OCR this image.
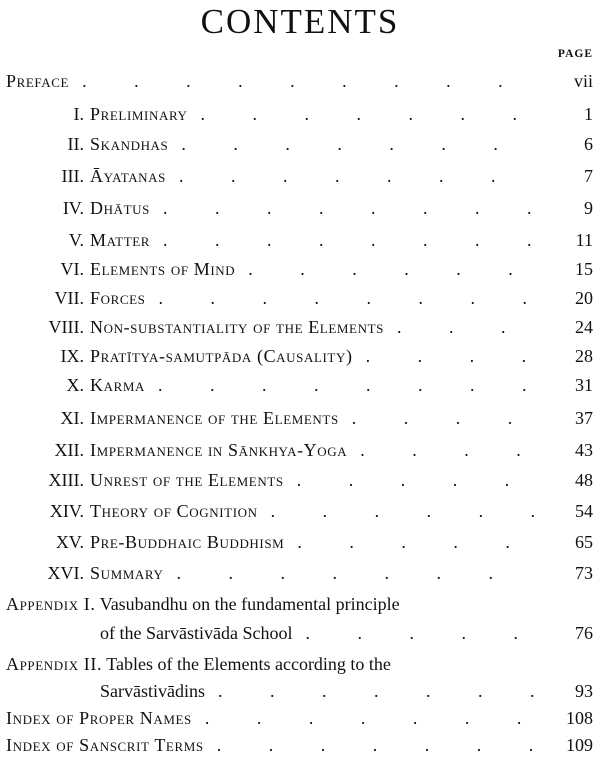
CONTENTS
PAGE
Preface .	vii
I. Preliminary .	1
II. Skandhas .	6
III. Āyatanas .	7
IV. Dhātus .	9
V. Matter .	11
VI. Elements of Mind .	15
VII. Forces .	20
VIII. Non-substantiality of the Elements .	24
IX. Pratītya-samutpāda (Causality) .	28
X. Karma .	31
XI. Impermanence of the Elements .	37
XII. Impermanence in Sānkhya-Yoga .	43
XIII. Unrest of the Elements .	48
XIV. Theory of Cognition .	54
XV. Pre-Buddhaic Buddhism .	65
XVI. Summary .	73
Appendix I. Vasubandhu on the fundamental principle
of the Sarvāstivāda School .	76
Appendix II. Tables of the Elements according to the
Sarvāstivādins .	93
Index of Proper Names .	108
Index of Sanscrit Terms .	109
